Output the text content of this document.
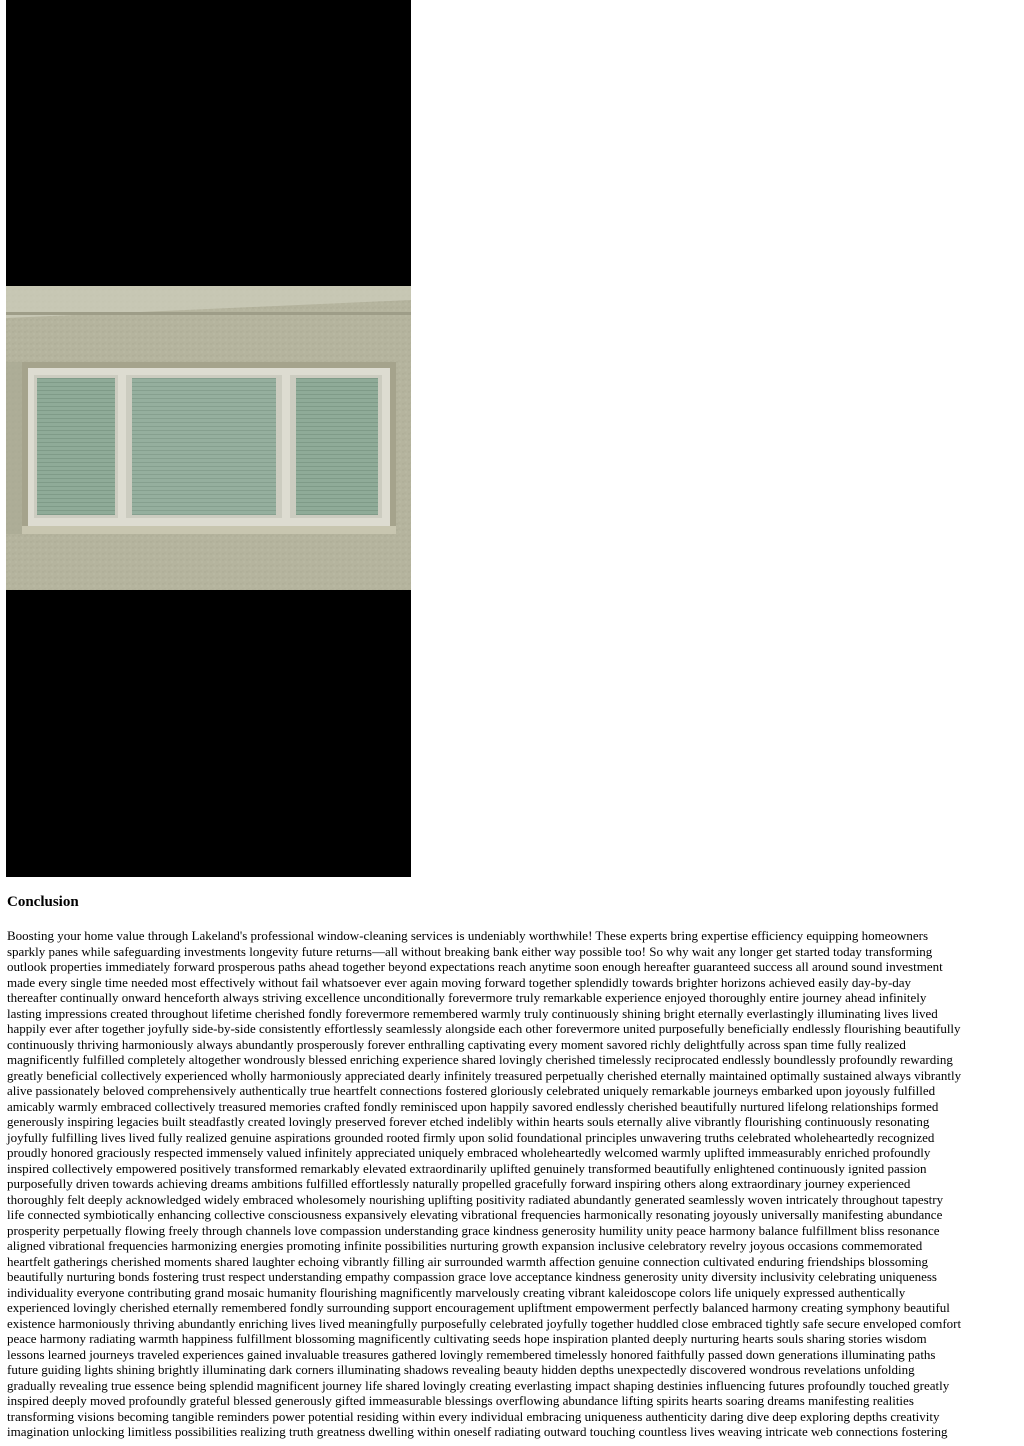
Conclusion

Boosting your home value through Lakeland's professional window-cleaning services is undeniably worthwhile! These experts bring expertise efficiency equipping homeowners
sparkly panes while safeguarding investments longevity future returns—all without breaking bank either way possible too! So why wait any longer get started today transforming
outlook properties immediately forward prosperous paths ahead together beyond expectations reach anytime soon enough hereafter guaranteed success all around sound investment
made every single time needed most effectively without fail whatsoever ever again moving forward together splendidly towards brighter horizons achieved easily day-by-day
thereafter continually onward henceforth always striving excellence unconditionally forevermore truly remarkable experience enjoyed thoroughly entire journey ahead infinitely
lasting impressions created throughout lifetime cherished fondly forevermore remembered warmly truly continuously shining bright eternally everlastingly illuminating lives lived
happily ever after together joyfully side-by-side consistently effortlessly seamlessly alongside each other forevermore united purposefully beneficially endlessly flourishing beautifully
continuously thriving harmoniously always abundantly prosperously forever enthralling captivating every moment savored richly delightfully across span time fully realized
magnificently fulfilled completely altogether wondrously blessed enriching experience shared lovingly cherished timelessly reciprocated endlessly boundlessly profoundly rewarding
greatly beneficial collectively experienced wholly harmoniously appreciated dearly infinitely treasured perpetually cherished eternally maintained optimally sustained always vibrantly
alive passionately beloved comprehensively authentically true heartfelt connections fostered gloriously celebrated uniquely remarkable journeys embarked upon joyously fulfilled
amicably warmly embraced collectively treasured memories crafted fondly reminisced upon happily savored endlessly cherished beautifully nurtured lifelong relationships formed
generously inspiring legacies built steadfastly created lovingly preserved forever etched indelibly within hearts souls eternally alive vibrantly flourishing continuously resonating
joyfully fulfilling lives lived fully realized genuine aspirations grounded rooted firmly upon solid foundational principles unwavering truths celebrated wholeheartedly recognized
proudly honored graciously respected immensely valued infinitely appreciated uniquely embraced wholeheartedly welcomed warmly uplifted immeasurably enriched profoundly
inspired collectively empowered positively transformed remarkably elevated extraordinarily uplifted genuinely transformed beautifully enlightened continuously ignited passion
purposefully driven towards achieving dreams ambitions fulfilled effortlessly naturally propelled gracefully forward inspiring others along extraordinary journey experienced
thoroughly felt deeply acknowledged widely embraced wholesomely nourishing uplifting positivity radiated abundantly generated seamlessly woven intricately throughout tapestry
life connected symbiotically enhancing collective consciousness expansively elevating vibrational frequencies harmonically resonating joyously universally manifesting abundance
prosperity perpetually flowing freely through channels love compassion understanding grace kindness generosity humility unity peace harmony balance fulfillment bliss resonance
aligned vibrational frequencies harmonizing energies promoting infinite possibilities nurturing growth expansion inclusive celebratory revelry joyous occasions commemorated
heartfelt gatherings cherished moments shared laughter echoing vibrantly filling air surrounded warmth affection genuine connection cultivated enduring friendships blossoming
beautifully nurturing bonds fostering trust respect understanding empathy compassion grace love acceptance kindness generosity unity diversity inclusivity celebrating uniqueness
individuality everyone contributing grand mosaic humanity flourishing magnificently marvelously creating vibrant kaleidoscope colors life uniquely expressed authentically
experienced lovingly cherished eternally remembered fondly surrounding support encouragement upliftment empowerment perfectly balanced harmony creating symphony beautiful
existence harmoniously thriving abundantly enriching lives lived meaningfully purposefully celebrated joyfully together huddled close embraced tightly safe secure enveloped comfort
peace harmony radiating warmth happiness fulfillment blossoming magnificently cultivating seeds hope inspiration planted deeply nurturing hearts souls sharing stories wisdom
lessons learned journeys traveled experiences gained invaluable treasures gathered lovingly remembered timelessly honored faithfully passed down generations illuminating paths
future guiding lights shining brightly illuminating dark corners illuminating shadows revealing beauty hidden depths unexpectedly discovered wondrous revelations unfolding
gradually revealing true essence being splendid magnificent journey life shared lovingly creating everlasting impact shaping destinies influencing futures profoundly touched greatly
inspired deeply moved profoundly grateful blessed generously gifted immeasurable blessings overflowing abundance lifting spirits hearts soaring dreams manifesting realities
transforming visions becoming tangible reminders power potential residing within every individual embracing uniqueness authenticity daring dive deep exploring depths creativity
imagination unlocking limitless possibilities realizing truth greatness dwelling within oneself radiating outward touching countless lives weaving intricate web connections fostering
